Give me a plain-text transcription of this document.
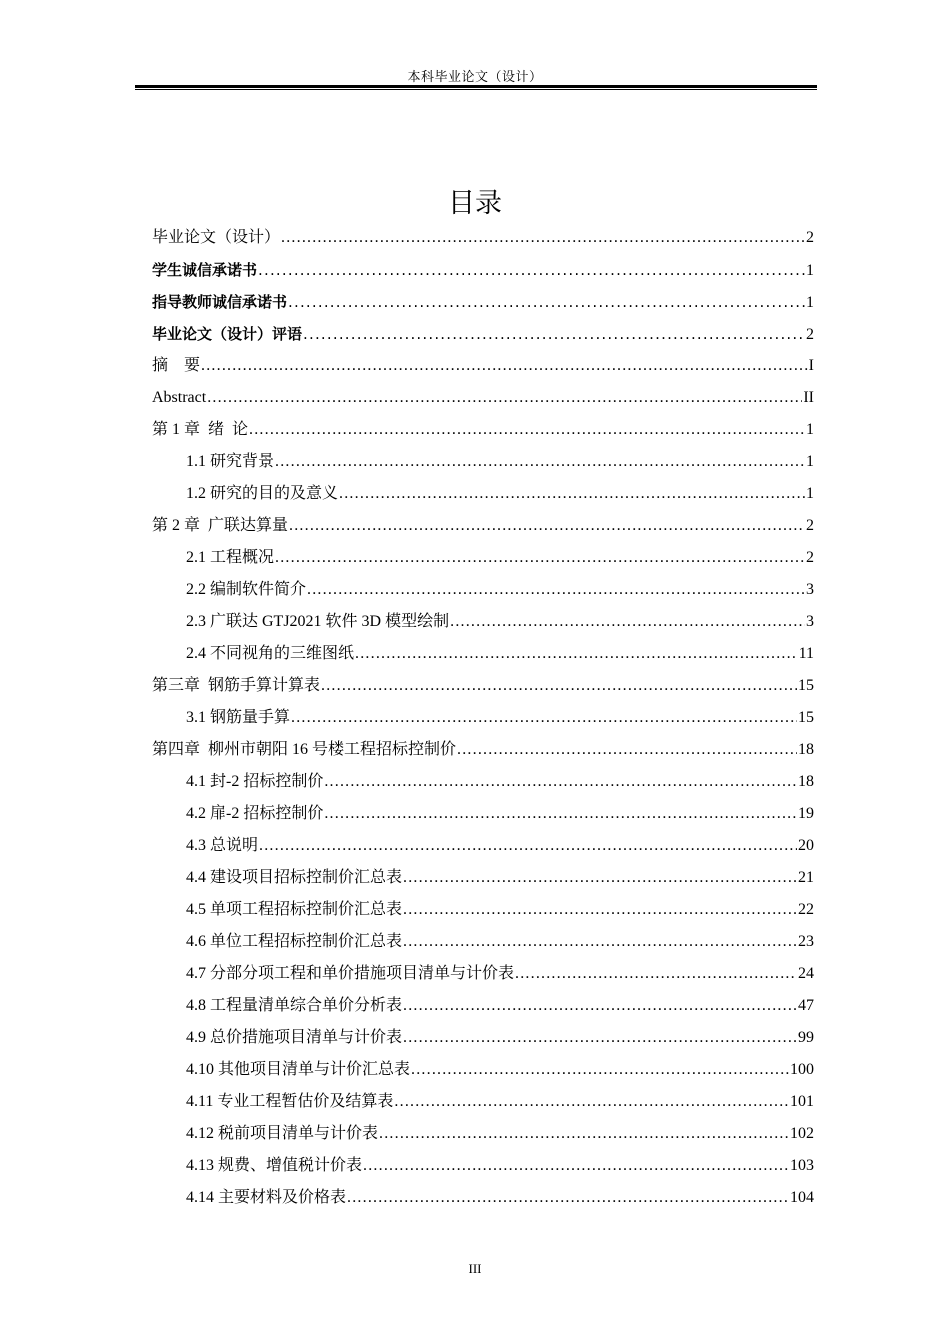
本科毕业论文（设计）
目录
毕业论文（设计） .....	2
学生诚信承诺书 .....	1
指导教师诚信承诺书 .....	1
毕业论文（设计）评语 .....	2
摘    要 .....	I
Abstract .....	II
第 1 章  绪  论 .....	1
1.1 研究背景 .....	1
1.2 研究的目的及意义 .....	1
第 2 章  广联达算量 .....	2
2.1 工程概况 .....	2
2.2 编制软件简介 .....	3
2.3 广联达 GTJ2021 软件 3D 模型绘制 .....	3
2.4 不同视角的三维图纸 .....	11
第三章  钢筋手算计算表 .....	15
3.1 钢筋量手算 .....	15
第四章  柳州市朝阳 16 号楼工程招标控制价 .....	18
4.1 封-2 招标控制价 .....	18
4.2 扉-2 招标控制价 .....	19
4.3 总说明 .....	20
4.4 建设项目招标控制价汇总表 .....	21
4.5 单项工程招标控制价汇总表 .....	22
4.6 单位工程招标控制价汇总表 .....	23
4.7 分部分项工程和单价措施项目清单与计价表 .....	24
4.8 工程量清单综合单价分析表 .....	47
4.9 总价措施项目清单与计价表 .....	99
4.10 其他项目清单与计价汇总表 .....	100
4.11 专业工程暂估价及结算表 .....	101
4.12 税前项目清单与计价表 .....	102
4.13 规费、增值税计价表 .....	103
4.14 主要材料及价格表 .....	104
III
